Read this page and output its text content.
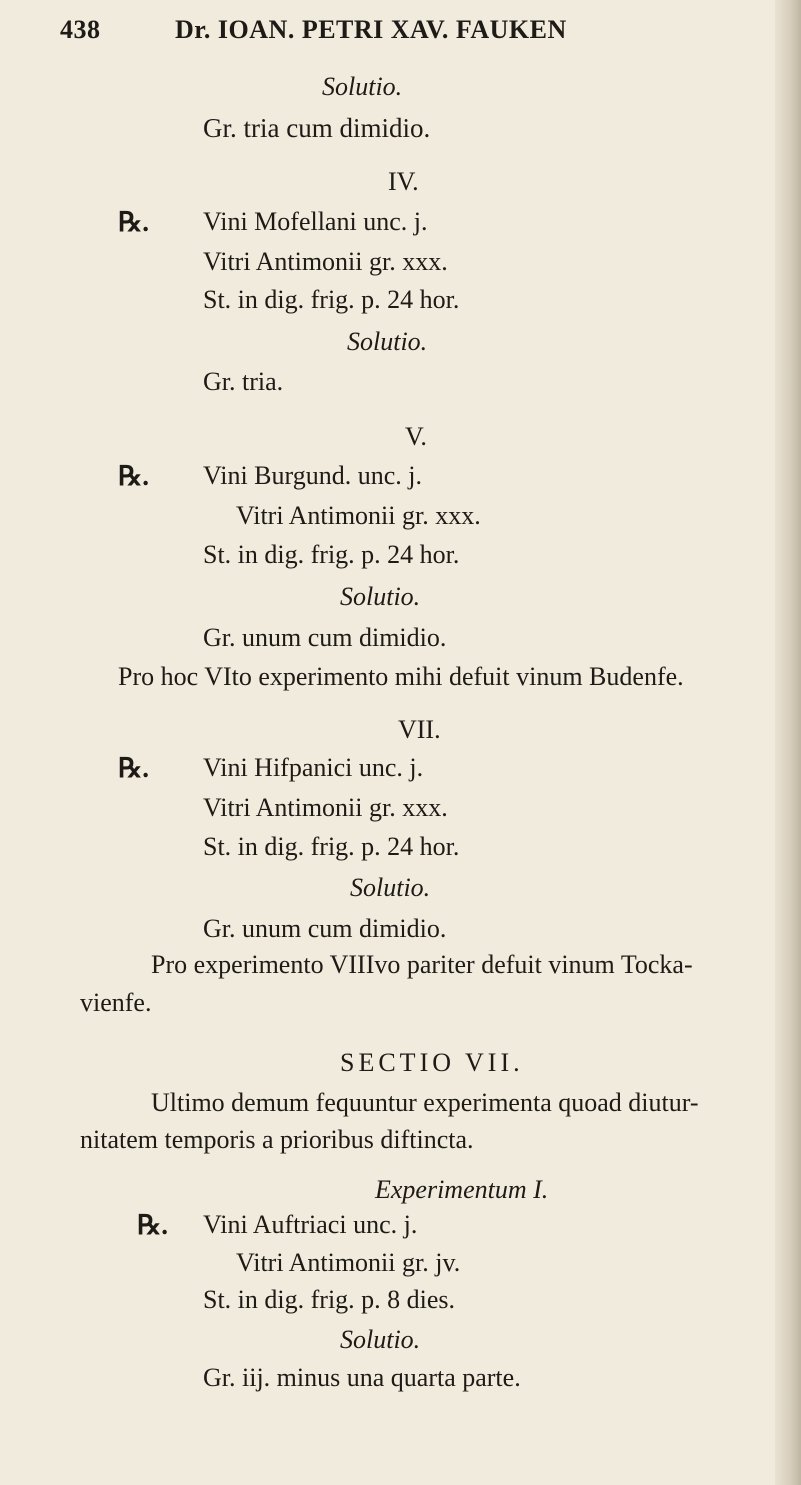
438	Dr. IOAN. PETRI XAV. FAUKEN
Solutio.
Gr. tria cum dimidio.
IV.
℞. Vini Mofellani unc. j.
Vitri Antimonii gr. xxx.
St. in dig. frig. p. 24 hor.
Solutio.
Gr. tria.
V.
℞. Vini Burgund. unc. j.
Vitri Antimonii gr. xxx.
St. in dig. frig. p. 24 hor.
Solutio.
Gr. unum cum dimidio.
Pro hoc VIto experimento mihi defuit vinum Budenfe.
VII.
℞. Vini Hifpanici unc. j.
Vitri Antimonii gr. xxx.
St. in dig. frig. p. 24 hor.
Solutio.
Gr. unum cum dimidio.
Pro experimento VIIIvo pariter defuit vinum Tocka-
vienfe.
SECTIO VII.
Ultimo demum fequuntur experimenta quoad diutur-
nitatem temporis a prioribus diftincta.
Experimentum I.
℞. Vini Auftriaci unc. j.
Vitri Antimonii gr. jv.
St. in dig. frig. p. 8 dies.
Solutio.
Gr. iij. minus una quarta parte.
